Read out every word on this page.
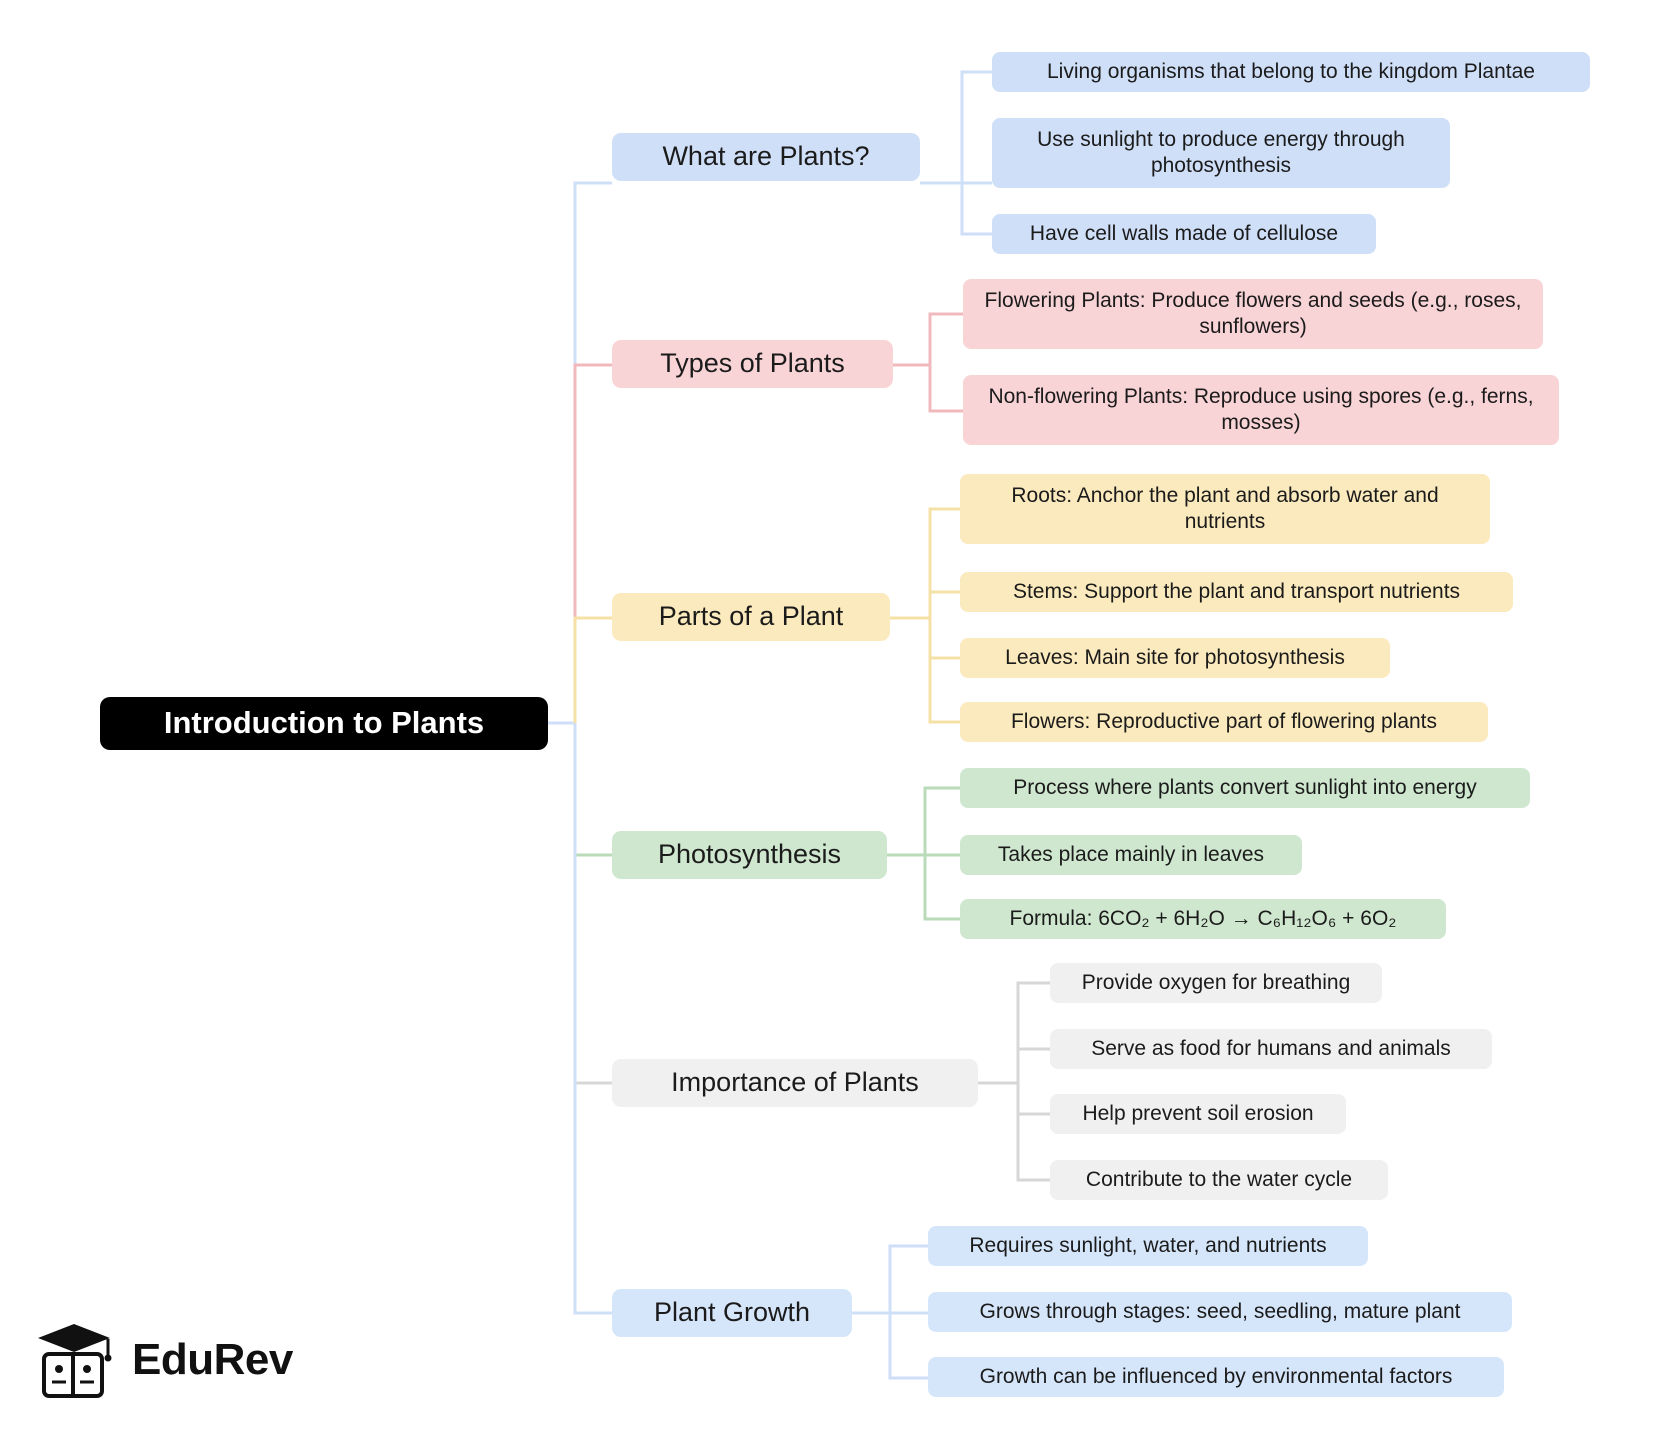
Introduction to Plants
What are Plants?
Living organisms that belong to the kingdom Plantae
Use sunlight to produce energy through photosynthesis
Have cell walls made of cellulose
Types of Plants
Flowering Plants: Produce flowers and seeds (e.g., roses, sunflowers)
Non-flowering Plants: Reproduce using spores (e.g., ferns, mosses)
Parts of a Plant
Roots: Anchor the plant and absorb water and nutrients
Stems: Support the plant and transport nutrients
Leaves: Main site for photosynthesis
Flowers: Reproductive part of flowering plants
Photosynthesis
Process where plants convert sunlight into energy
Takes place mainly in leaves
Formula: 6CO₂ + 6H₂O → C₆H₁₂O₆ + 6O₂
Importance of Plants
Provide oxygen for breathing
Serve as food for humans and animals
Help prevent soil erosion
Contribute to the water cycle
Plant Growth
Requires sunlight, water, and nutrients
Grows through stages: seed, seedling, mature plant
Growth can be influenced by environmental factors
EduRev
